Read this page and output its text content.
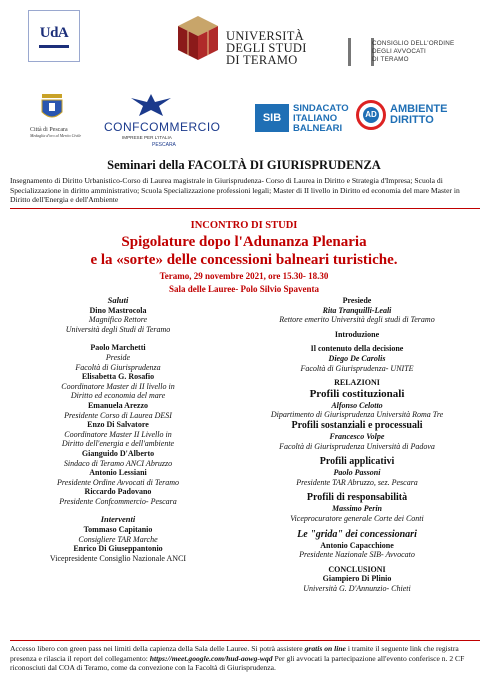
UdA	UNIVERSITÀ
DEGLI STUDI
DI TERAMO
CONSIGLIO DELL'ORDINE
DEGLI AVVOCATI
DI TERAMO
Città di Pescara
Medaglia d'oro al Merito Civile
CONFCOMMERCIO
IMPRESE PER L'ITALIA
PESCARA
SIB
SINDACATO
ITALIANO
BALNEARI
AD AMBIENTE
DIRITTO
Seminari della FACOLTÀ DI GIURISPRUDENZA
Insegnamento di Diritto Urbanistico-Corso di Laurea magistrale in Giurisprudenza- Corso di Laurea in Diritto e Strategia d'Impresa; Scuola di Specializzazione in diritto amministrativo; Scuola Specializzazione professioni legali; Master di II livello in Diritto ed economia del mare Master in Diritto dell'Energia e dell'Ambiente
INCONTRO DI STUDI
Spigolature dopo l'Adunanza Plenaria
e la «sorte» delle concessioni balneari turistiche.
Teramo, 29 novembre 2021, ore 15.30- 18.30
Sala delle Lauree- Polo Silvio Spaventa
Saluti
Dino Mastrocola
Magnifico Rettore
Università degli Studi di Teramo
Paolo Marchetti
Preside
Facoltà di Giurisprudenza
Elisabetta G. Rosafio
Coordinatore Master di II livello in
Diritto ed economia del mare
Emanuela Arezzo
Presidente Corso di Laurea DESI
Enzo Di Salvatore
Coordinatore Master II Livello in
Diritto dell'energia e dell'ambiente
Gianguido D'Alberto
Sindaco di Teramo ANCI Abruzzo
Antonio Lessiani
Presidente Ordine Avvocati di Teramo
Riccardo Padovano
Presidente Confcommercio- Pescara
Interventi
Tommaso Capitanio
Consigliere TAR Marche
Enrico Di Giuseppantonio
Vicepresidente Consiglio Nazionale ANCI
Presiede
Rita Tranquilli-Leali
Rettore emerito Università degli studi di Teramo
Introduzione
Il contenuto della decisione
Diego De Carolis
Facoltà di Giurisprudenza- UNITE
RELAZIONI
Profili costituzionali
Alfonso Celotto
Dipartimento di Giurisprudenza Università Roma Tre
Profili sostanziali e processuali
Francesco Volpe
Facoltà di Giurisprudenza Università di Padova
Profili applicativi
Paolo Passoni
Presidente TAR Abruzzo, sez. Pescara
Profili di responsabilità
Massimo Perin
Viceprocuratore generale Corte dei Conti
Le "grida" dei concessionari
Antonio Capacchione
Presidente Nazionale SIB- Avvocato
CONCLUSIONI
Giampiero Di Plinio
Università G. D'Annunzio- Chieti
Accesso libero con green pass nei limiti della capienza della Sala delle Lauree. Si potrà assistere gratis on line i tramite il seguente link che registra presenza e rilascia il report del collegamento: https://meet.google.com/hud-aowg-wqd Per gli avvocati la partecipazione all'evento conferisce n. 2 CF riconosciuti dal COA di Teramo, come da convezione con la Facoltà di Giurisprudenza.
